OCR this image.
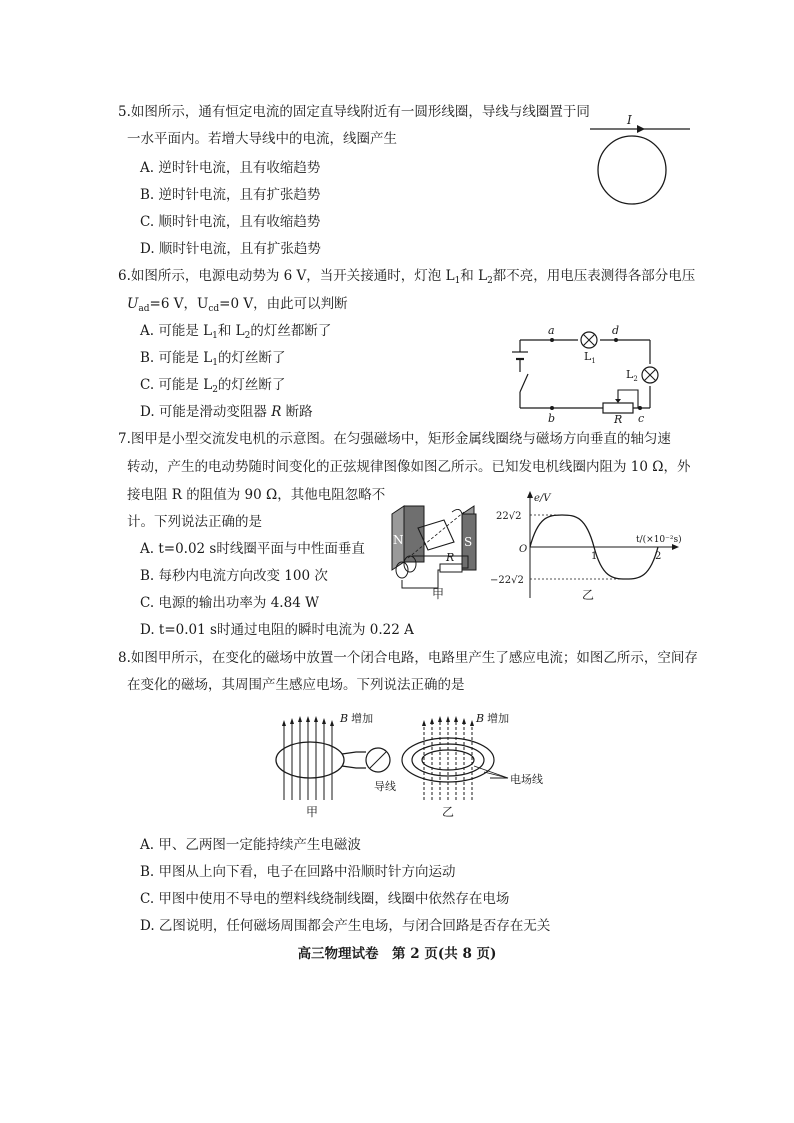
5.如图所示，通有恒定电流的固定直导线附近有一圆形线圈，导线与线圈置于同
一水平面内。若增大导线中的电流，线圈产生
A. 逆时针电流，且有收缩趋势
B. 逆时针电流，且有扩张趋势
C. 顺时针电流，且有收缩趋势
D. 顺时针电流，且有扩张趋势
I
6.如图所示，电源电动势为 6 V，当开关接通时，灯泡 $L_1$和 $L_2$都不亮，用电压表测得各部分电压
$U_{ad}=6$ V，$U_{cd}=0$ V，由此可以判断
A. 可能是 $L_1$和 $L_2$的灯丝都断了
B. 可能是 $L_1$的灯丝断了
C. 可能是 $L_2$的灯丝断了
D. 可能是滑动变阻器 R 断路
a	d
b	c
$L_1$
$L_2$
R
7.图甲是小型交流发电机的示意图。在匀强磁场中，矩形金属线圈绕与磁场方向垂直的轴匀速
转动，产生的电动势随时间变化的正弦规律图像如图乙所示。已知发电机线圈内阻为 10 Ω，外
接电阻 R 的阻值为 90 Ω，其他电阻忽略不
计。下列说法正确的是
A. t=0.02 s时线圈平面与中性面垂直
B. 每秒内电流方向改变 100 次
C. 电源的输出功率为 4.84 W
D. t=0.01 s时通过电阻的瞬时电流为 0.22 A
N	S
R
甲
e/V
22√2
−22√2
O
1	2
t/(×10⁻²s)
乙
8.如图甲所示，在变化的磁场中放置一个闭合电路，电路里产生了感应电流；如图乙所示，空间存
在变化的磁场，其周围产生感应电场。下列说法正确的是
B 增加
导线
甲
B 增加
电场线
乙
A. 甲、乙两图一定能持续产生电磁波
B. 甲图从上向下看，电子在回路中沿顺时针方向运动
C. 甲图中使用不导电的塑料线绕制线圈，线圈中依然存在电场
D. 乙图说明，任何磁场周围都会产生电场，与闭合回路是否存在无关
高三物理试卷　第 2 页(共 8 页)
